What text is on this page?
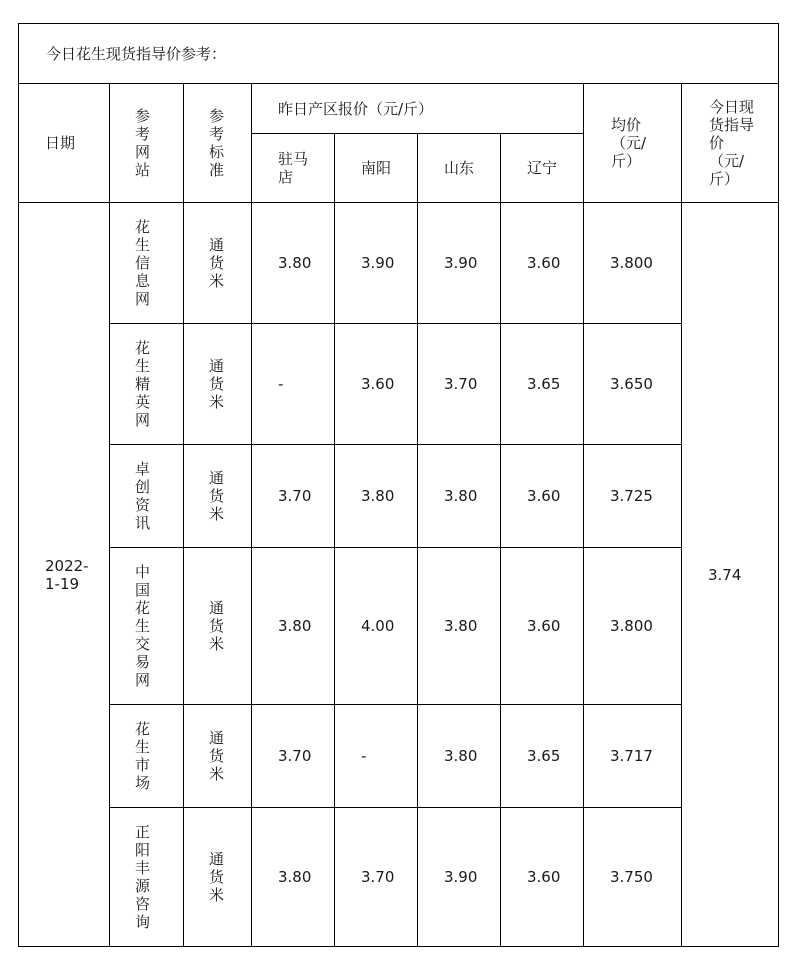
今日花生现货指导价参考：								
日期	参考网站	参考标准	昨日产区报价（元/斤）				均价（元/斤）	今日现货指导价（元/斤）

			驻马店	南阳	山东	辽宁		

2022-1-19	花生信息网	通货米	3.80	3.90	3.90	3.60	3.800	3.74

	花生精英网	通货米	-	3.60	3.70	3.65	3.650	

	卓创资讯	通货米	3.70	3.80	3.80	3.60	3.725	

	中国花生交易网	通货米	3.80	4.00	3.80	3.60	3.800	

	花生市场	通货米	3.70	-	3.80	3.65	3.717	

	正阳丰源咨询	通货米	3.80	3.70	3.90	3.60	3.750	
